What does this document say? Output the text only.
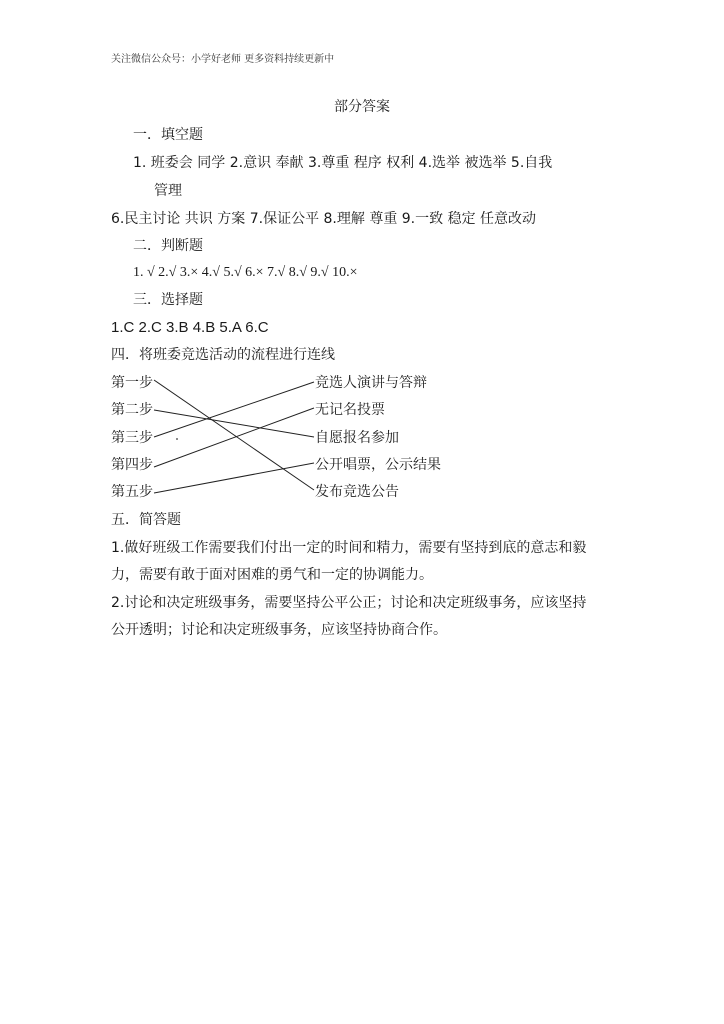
关注微信公众号：小学好老师 更多资料持续更新中
部分答案
一．填空题
1. 班委会 同学 2.意识 奉献 3.尊重 程序 权利 4.选举 被选举 5.自我
管理
6.民主讨论 共识 方案 7.保证公平 8.理解 尊重 9.一致 稳定 任意改动
二．判断题
1. √ 2.√ 3.× 4.√ 5.√ 6.× 7.√ 8.√ 9.√ 10.×
三．选择题
1.C 2.C 3.B 4.B 5.A 6.C
四．将班委竞选活动的流程进行连线
第一步
第二步
第三步
第四步
第五步
竞选人演讲与答辩
无记名投票
自愿报名参加
公开唱票，公示结果
发布竞选公告
五．简答题
1.做好班级工作需要我们付出一定的时间和精力，需要有坚持到底的意志和毅
力，需要有敢于面对困难的勇气和一定的协调能力。
2.讨论和决定班级事务，需要坚持公平公正；讨论和决定班级事务，应该坚持
公开透明；讨论和决定班级事务，应该坚持协商合作。
